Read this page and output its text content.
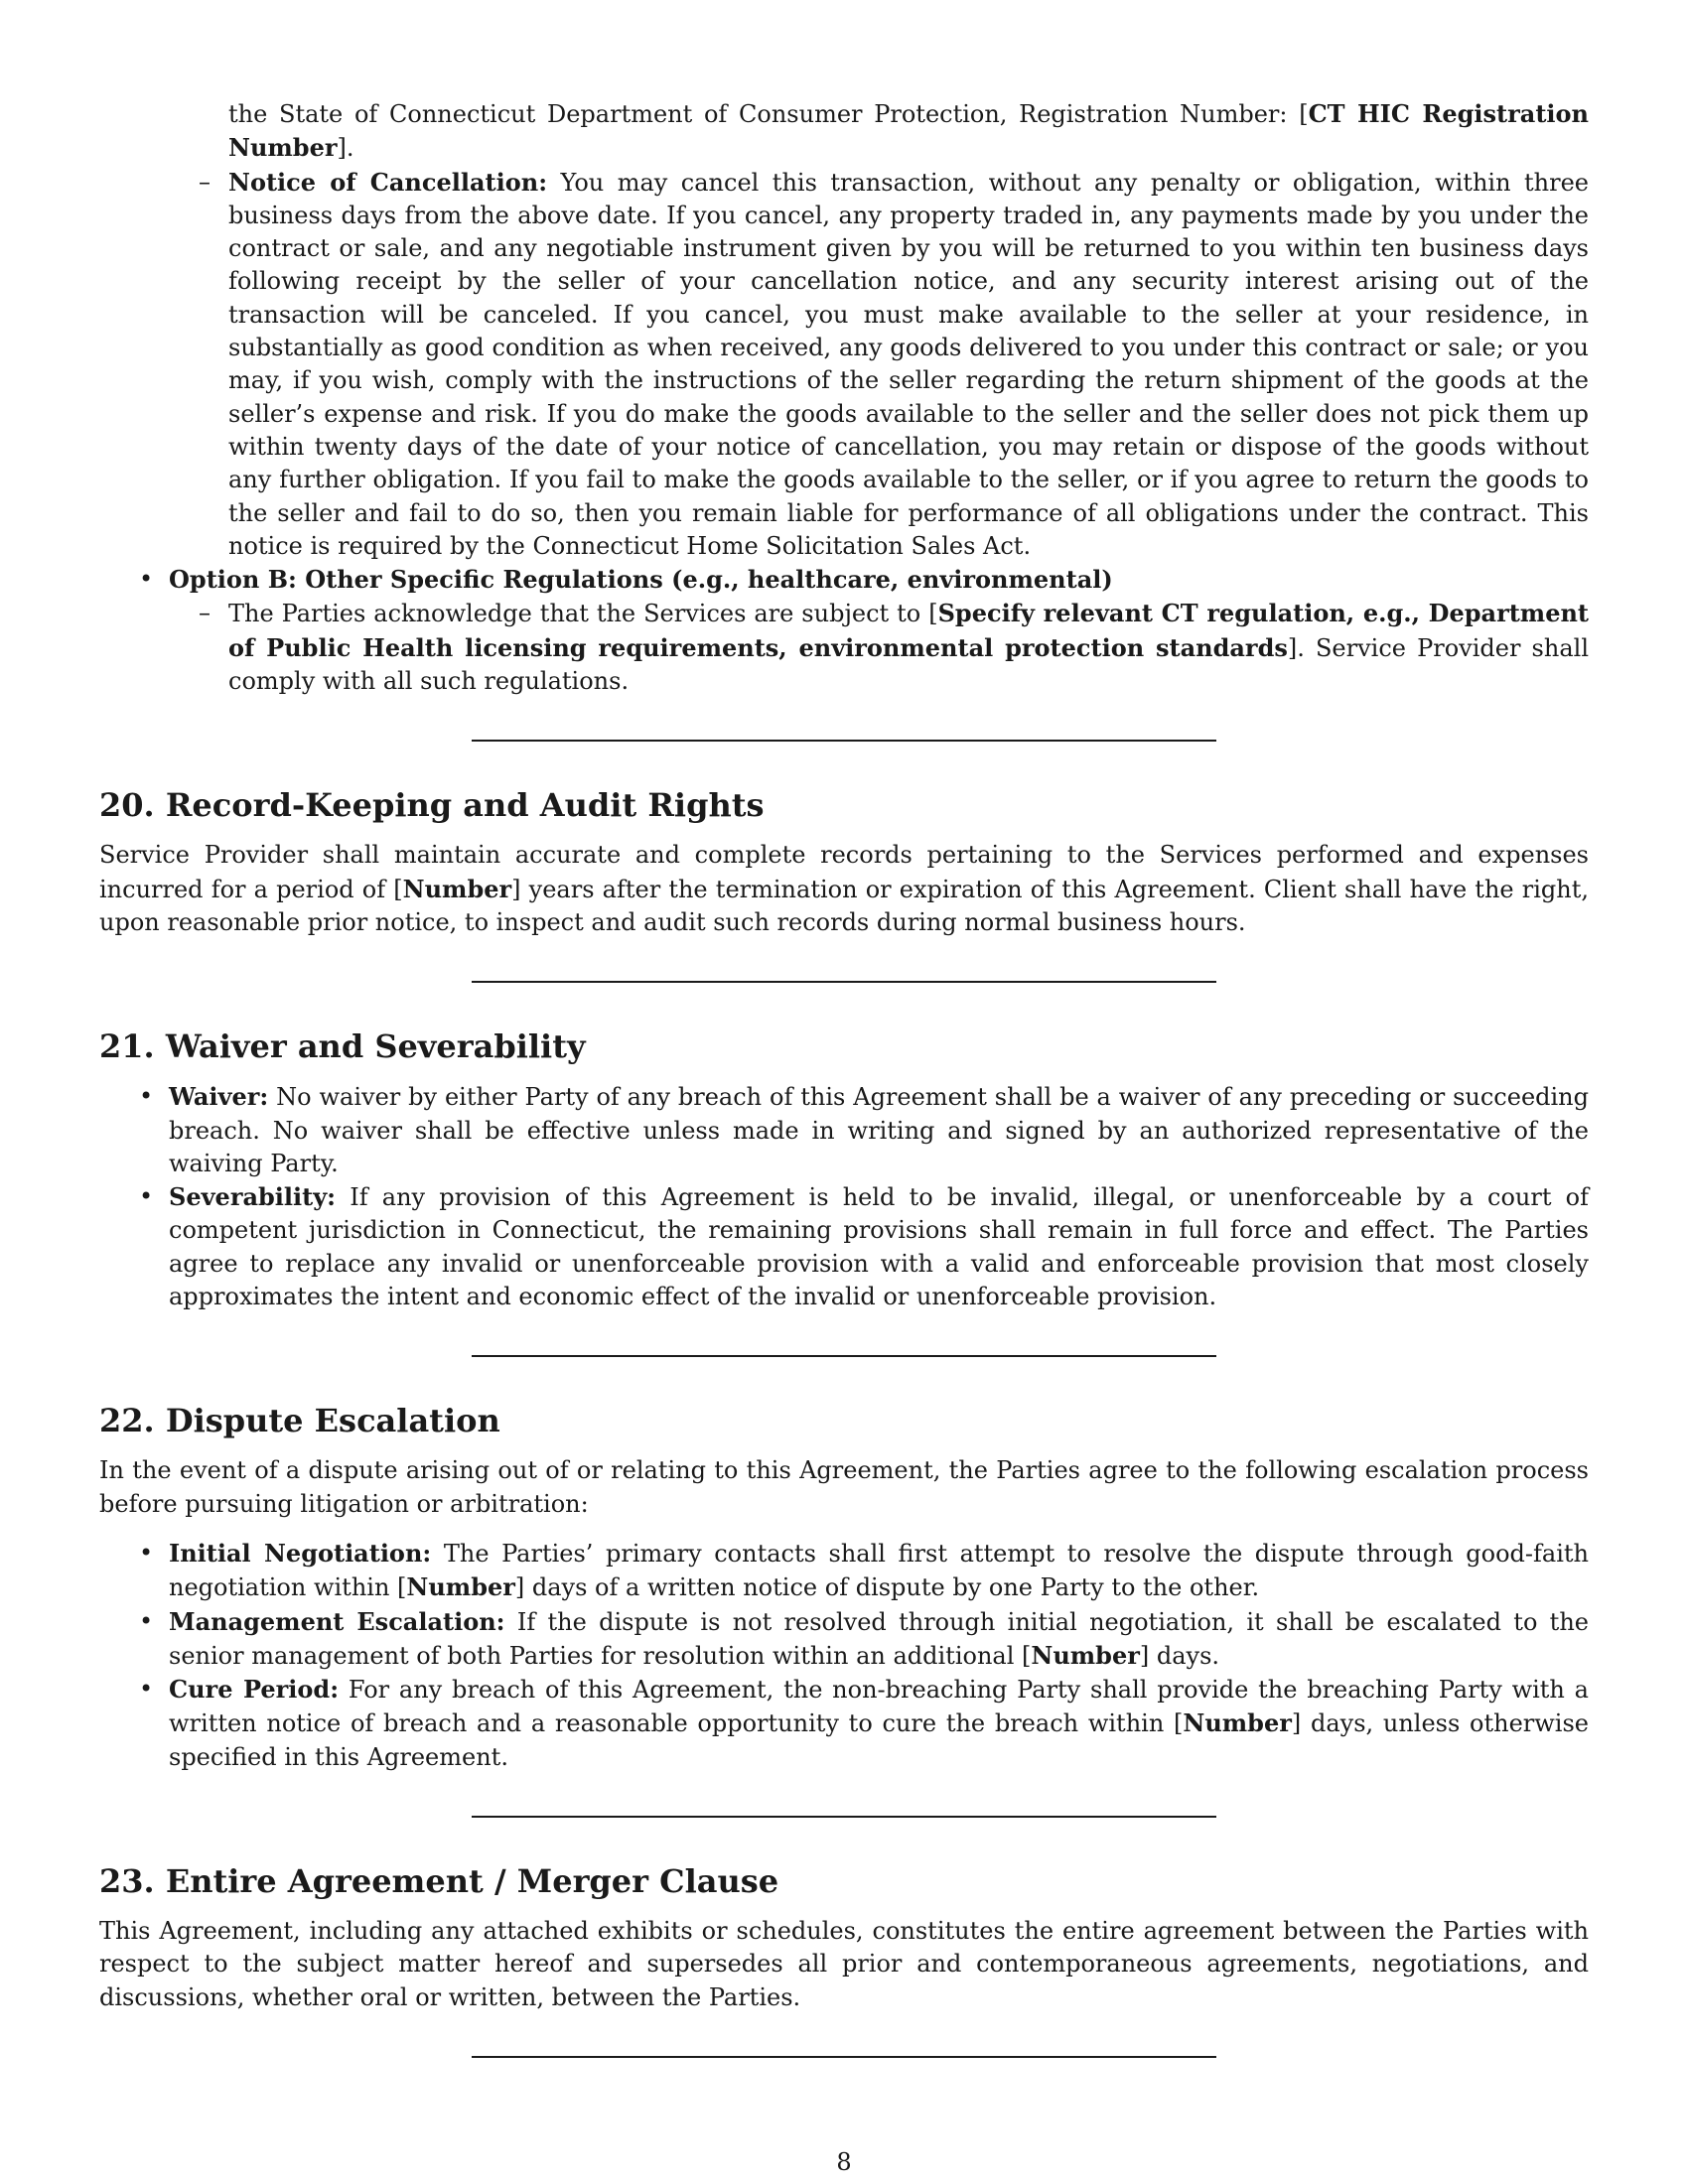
the State of Connecticut Department of Consumer Protection, Registration Number: [CT HIC Registration Number].

– Notice of Cancellation: You may cancel this transaction, without any penalty or obligation, within three business days from the above date. If you cancel, any property traded in, any payments made by you under the contract or sale, and any negotiable instrument given by you will be returned to you within ten business days following receipt by the seller of your cancellation notice, and any security interest arising out of the transaction will be canceled. If you cancel, you must make available to the seller at your residence, in substantially as good condition as when received, any goods delivered to you under this contract or sale; or you may, if you wish, comply with the instructions of the seller regarding the return shipment of the goods at the seller’s expense and risk. If you do make the goods available to the seller and the seller does not pick them up within twenty days of the date of your notice of cancellation, you may retain or dispose of the goods without any further obligation. If you fail to make the goods available to the seller, or if you agree to return the goods to the seller and fail to do so, then you remain liable for performance of all obligations under the contract. This notice is required by the Connecticut Home Solicitation Sales Act.
• Option B: Other Specific Regulations (e.g., healthcare, environmental)
– The Parties acknowledge that the Services are subject to [Specify relevant CT regulation, e.g., Department of Public Health licensing requirements, environmental protection standards]. Service Provider shall comply with all such regulations.
20. Record-Keeping and Audit Rights

Service Provider shall maintain accurate and complete records pertaining to the Services performed and expenses incurred for a period of [Number] years after the termination or expiration of this Agreement. Client shall have the right, upon reasonable prior notice, to inspect and audit such records during normal business hours.

21. Waiver and Severability
• Waiver: No waiver by either Party of any breach of this Agreement shall be a waiver of any preceding or succeeding breach. No waiver shall be effective unless made in writing and signed by an authorized representative of the waiving Party.
• Severability: If any provision of this Agreement is held to be invalid, illegal, or unenforceable by a court of competent jurisdiction in Connecticut, the remaining provisions shall remain in full force and effect. The Parties agree to replace any invalid or unenforceable provision with a valid and enforceable provision that most closely approximates the intent and economic effect of the invalid or unenforceable provision.
22. Dispute Escalation

In the event of a dispute arising out of or relating to this Agreement, the Parties agree to the following escalation process before pursuing litigation or arbitration:

• Initial Negotiation: The Parties’ primary contacts shall first attempt to resolve the dispute through good-faith negotiation within [Number] days of a written notice of dispute by one Party to the other.
• Management Escalation: If the dispute is not resolved through initial negotiation, it shall be escalated to the senior management of both Parties for resolution within an additional [Number] days.
• Cure Period: For any breach of this Agreement, the non-breaching Party shall provide the breaching Party with a written notice of breach and a reasonable opportunity to cure the breach within [Number] days, unless otherwise specified in this Agreement.
23. Entire Agreement / Merger Clause

This Agreement, including any attached exhibits or schedules, constitutes the entire agreement between the Parties with respect to the subject matter hereof and supersedes all prior and contemporaneous agreements, negotiations, and discussions, whether oral or written, between the Parties.

8
